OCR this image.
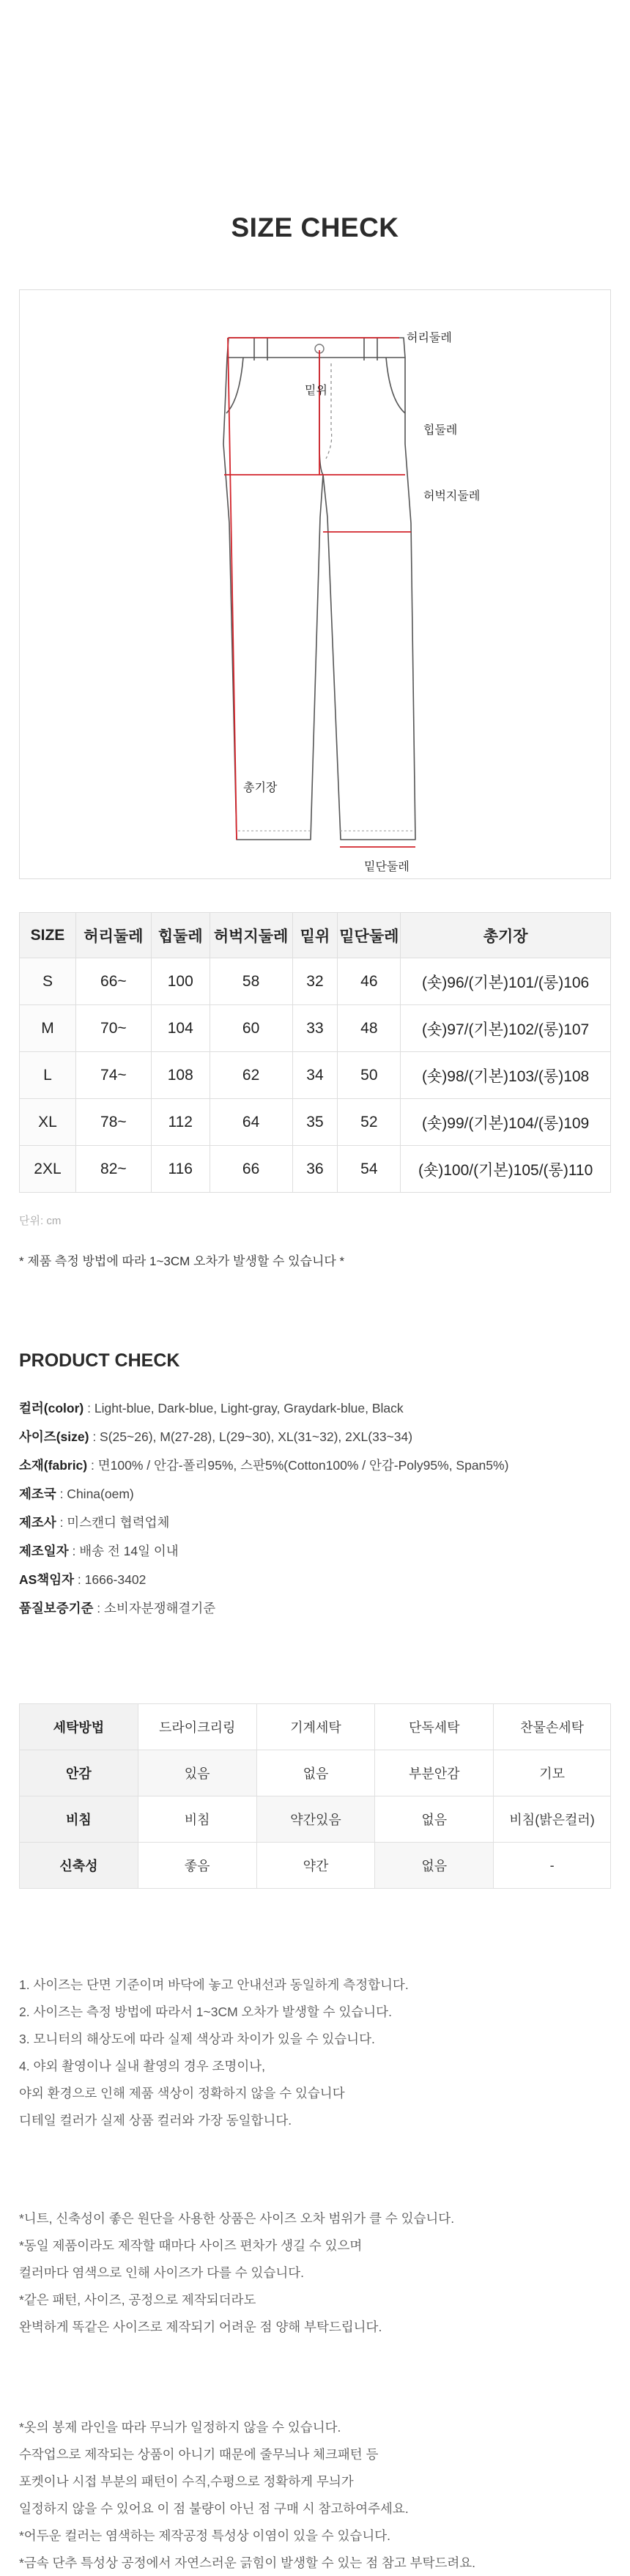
SIZE CHECK
허리둘레
밑위
힙둘레
허벅지둘레
총기장
밑단둘레
SIZE	허리둘레	힙둘레	허벅지둘레	밑위	밑단둘레	총기장
S	66~	100	58	32	46	(숏)96/(기본)101/(롱)106
M	70~	104	60	33	48	(숏)97/(기본)102/(롱)107
L	74~	108	62	34	50	(숏)98/(기본)103/(롱)108
XL	78~	112	64	35	52	(숏)99/(기본)104/(롱)109
2XL	82~	116	66	36	54	(숏)100/(기본)105/(롱)110
단위: cm
* 제품 측정 방법에 따라 1~3CM 오차가 발생할 수 있습니다 *
PRODUCT CHECK
컬러(color) : Light-blue, Dark-blue, Light-gray, Graydark-blue, Black
사이즈(size) : S(25~26), M(27-28), L(29~30), XL(31~32), 2XL(33~34)
소재(fabric) : 면100% / 안감-폴리95%, 스판5%(Cotton100% / 안감-Poly95%, Span5%)
제조국 : China(oem)
제조사 : 미스캔디 협력업체
제조일자 : 배송 전 14일 이내
AS책임자 : 1666-3402
품질보증기준 : 소비자분쟁해결기준
세탁방법	드라이크리링	기계세탁	단독세탁	찬물손세탁
안감	있음	없음	부분안감	기모
비침	비침	약간있음	없음	비침(밝은컬러)
신축성	좋음	약간	없음	-
1. 사이즈는 단면 기준이며 바닥에 놓고 안내선과 동일하게 측정합니다.
2. 사이즈는 측정 방법에 따라서 1~3CM 오차가 발생할 수 있습니다.
3. 모니터의 해상도에 따라 실제 색상과 차이가 있을 수 있습니다.
4. 야외 촬영이나 실내 촬영의 경우 조명이나,
야외 환경으로 인해 제품 색상이 정확하지 않을 수 있습니다
디테일 컬러가 실제 상품 컬러와 가장 동일합니다.
*니트, 신축성이 좋은 원단을 사용한 상품은 사이즈 오차 범위가 클 수 있습니다.
*동일 제품이라도 제작할 때마다 사이즈 편차가 생길 수 있으며
컬러마다 염색으로 인해 사이즈가 다를 수 있습니다.
*같은 패턴, 사이즈, 공정으로 제작되더라도
완벽하게 똑같은 사이즈로 제작되기 어려운 점 양해 부탁드립니다.
*옷의 봉제 라인을 따라 무늬가 일정하지 않을 수 있습니다.
수작업으로 제작되는 상품이 아니기 때문에 줄무늬나 체크패턴 등
포켓이나 시접 부분의 패턴이 수직,수평으로 정확하게 무늬가
일정하지 않을 수 있어요 이 점 불량이 아닌 점 구매 시 참고하여주세요.
*어두운 컬러는 염색하는 제작공정 특성상 이염이 있을 수 있습니다.
*금속 단추 특성상 공정에서 자연스러운 긁힘이 발생할 수 있는 점 참고 부탁드려요.
